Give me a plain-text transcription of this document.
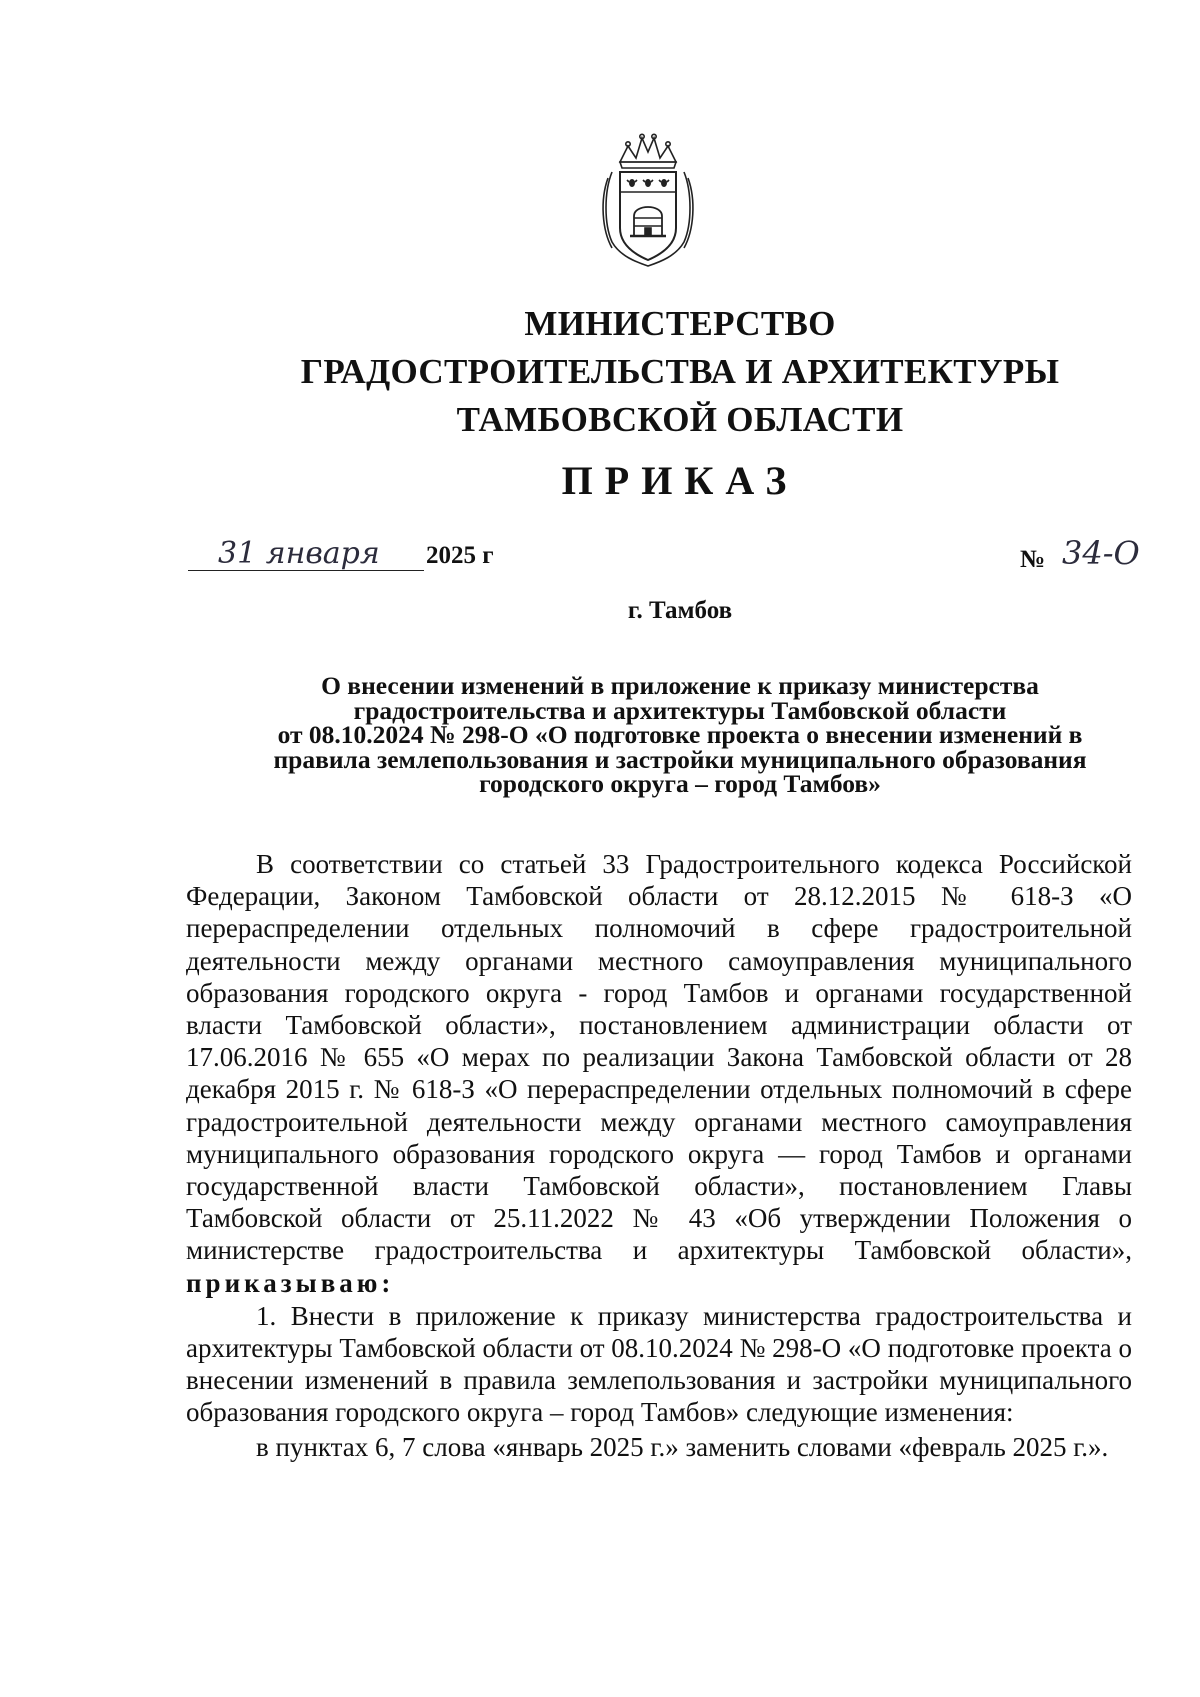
МИНИСТЕРСТВО
ГРАДОСТРОИТЕЛЬСТВА И АРХИТЕКТУРЫ
ТАМБОВСКОЙ ОБЛАСТИ
ПРИКАЗ
31 января 2025 г	№ 34-О
г. Тамбов
О внесении изменений в приложение к приказу министерства
градостроительства и архитектуры Тамбовской области
от 08.10.2024 № 298-О «О подготовке проекта о внесении изменений в
правила землепользования и застройки муниципального образования
городского округа – город Тамбов»

В соответствии со статьей 33 Градостроительного кодекса Российской Федерации, Законом Тамбовской области от 28.12.2015 № 618-З «О перераспределении отдельных полномочий в сфере градостроительной деятельности между органами местного самоуправления муниципального образования городского округа - город Тамбов и органами государственной власти Тамбовской области», постановлением администрации области от 17.06.2016 № 655 «О мерах по реализации Закона Тамбовской области от 28 декабря 2015 г. № 618-З «О перераспределении отдельных полномочий в сфере градостроительной деятельности между органами местного самоуправления муниципального образования городского округа — город Тамбов и органами государственной власти Тамбовской области», постановлением Главы Тамбовской области от 25.11.2022 № 43 «Об утверждении Положения о министерстве градостроительства и архитектуры Тамбовской области», приказываю:

1. Внести в приложение к приказу министерства градостроительства и архитектуры Тамбовской области от 08.10.2024 № 298-О «О подготовке проекта о внесении изменений в правила землепользования и застройки муниципального образования городского округа – город Тамбов» следующие изменения:

в пунктах 6, 7 слова «январь 2025 г.» заменить словами «февраль 2025 г.».
